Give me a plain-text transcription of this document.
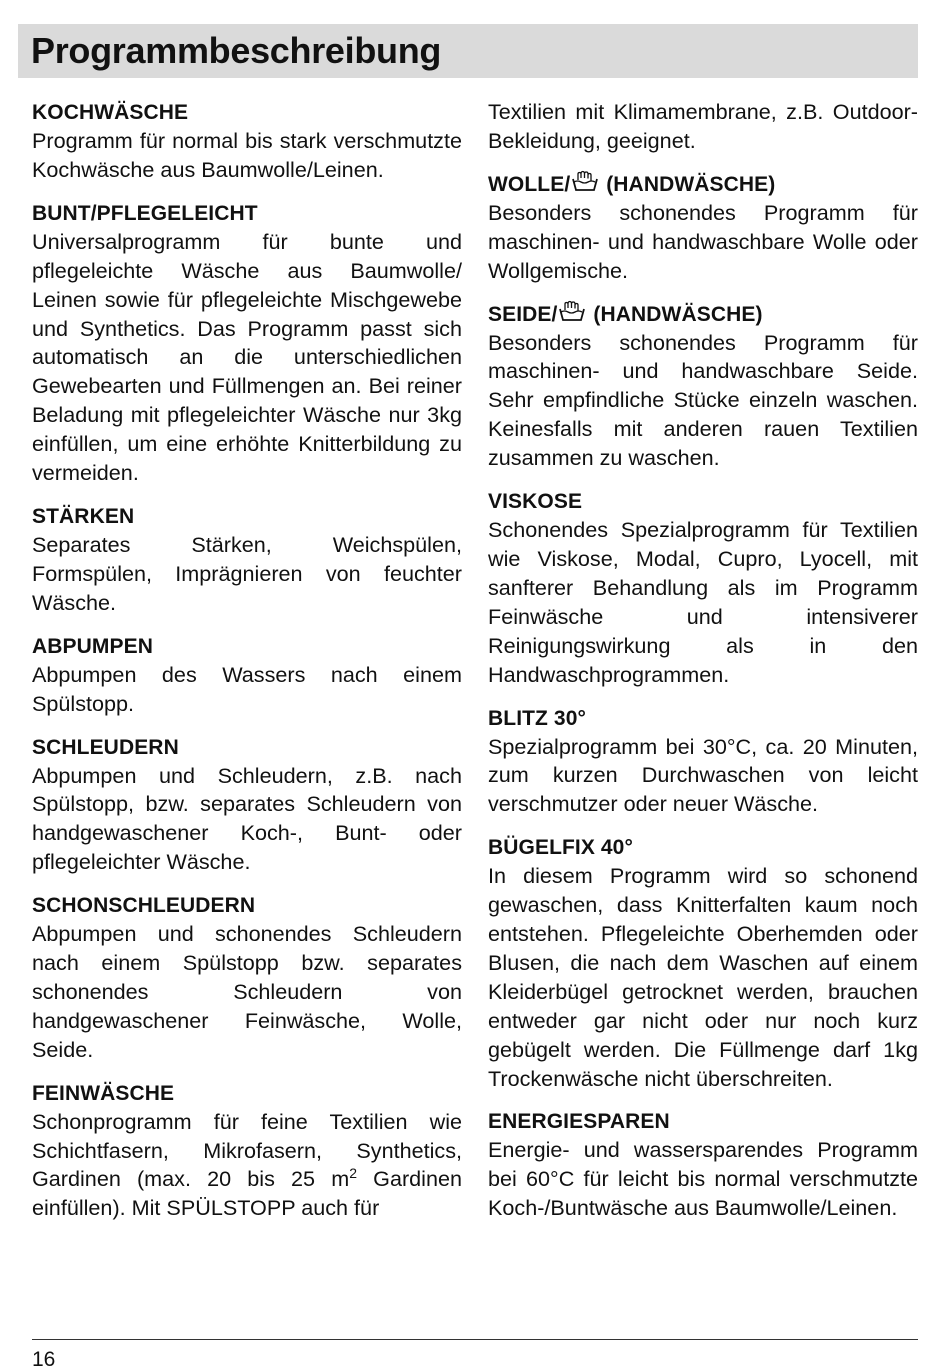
Programmbeschreibung
KOCHWÄSCHE

Programm für normal bis stark verschmutzte Kochwäsche aus Baumwolle/Leinen.

BUNT/PFLEGELEICHT

Universalprogramm für bunte und pflegeleichte Wäsche aus Baumwolle/ Leinen sowie für pflegeleichte Mischgewebe und Synthetics. Das Programm passt sich automatisch an die unterschiedlichen Gewebearten und Füllmengen an. Bei reiner Beladung mit pflegeleichter Wäsche nur 3kg einfüllen, um eine erhöhte Knitterbildung zu vermeiden.

STÄRKEN

Separates Stärken, Weichspülen, Formspülen, Imprägnieren von feuchter Wäsche.

ABPUMPEN

Abpumpen des Wassers nach einem Spülstopp.

SCHLEUDERN

Abpumpen und Schleudern, z.B. nach Spülstopp, bzw. separates Schleudern von handgewaschener Koch-, Bunt- oder pflegeleichter Wäsche.

SCHONSCHLEUDERN

Abpumpen und schonendes Schleudern nach einem Spülstopp bzw. separates schonendes Schleudern von handgewaschener Feinwäsche, Wolle, Seide.

FEINWÄSCHE

Schonprogramm für feine Textilien wie Schichtfasern, Mikrofasern, Synthetics, Gardinen (max. 20 bis 25 $m^2$ Gardinen einfüllen). Mit SPÜLSTOPP auch für

Textilien mit Klimamembrane, z.B. Outdoor-Bekleidung, geeignet.

WOLLE/ (HANDWÄSCHE)

Besonders schonendes Programm für maschinen- und handwaschbare Wolle oder Wollgemische.

SEIDE/ (HANDWÄSCHE)

Besonders schonendes Programm für maschinen- und handwaschbare Seide. Sehr empfindliche Stücke einzeln waschen. Keinesfalls mit anderen rauen Textilien zusammen zu waschen.

VISKOSE

Schonendes Spezialprogramm für Textilien wie Viskose, Modal, Cupro, Lyocell, mit sanfterer Behandlung als im Programm Feinwäsche und intensiverer Reinigungswirkung als in den Handwaschprogrammen.

BLITZ 30°

Spezialprogramm bei 30°C, ca. 20 Minuten, zum kurzen Durchwaschen von leicht verschmutzer oder neuer Wäsche.

BÜGELFIX 40°

In diesem Programm wird so schonend gewaschen, dass Knitterfalten kaum noch entstehen. Pflegeleichte Oberhemden oder Blusen, die nach dem Waschen auf einem Kleiderbügel getrocknet werden, brauchen entweder gar nicht oder nur noch kurz gebügelt werden. Die Füllmenge darf 1kg Trockenwäsche nicht überschreiten.

ENERGIESPAREN

Energie- und wassersparendes Programm bei 60°C für leicht bis normal verschmutzte Koch-/Buntwäsche aus Baumwolle/Leinen.

16
